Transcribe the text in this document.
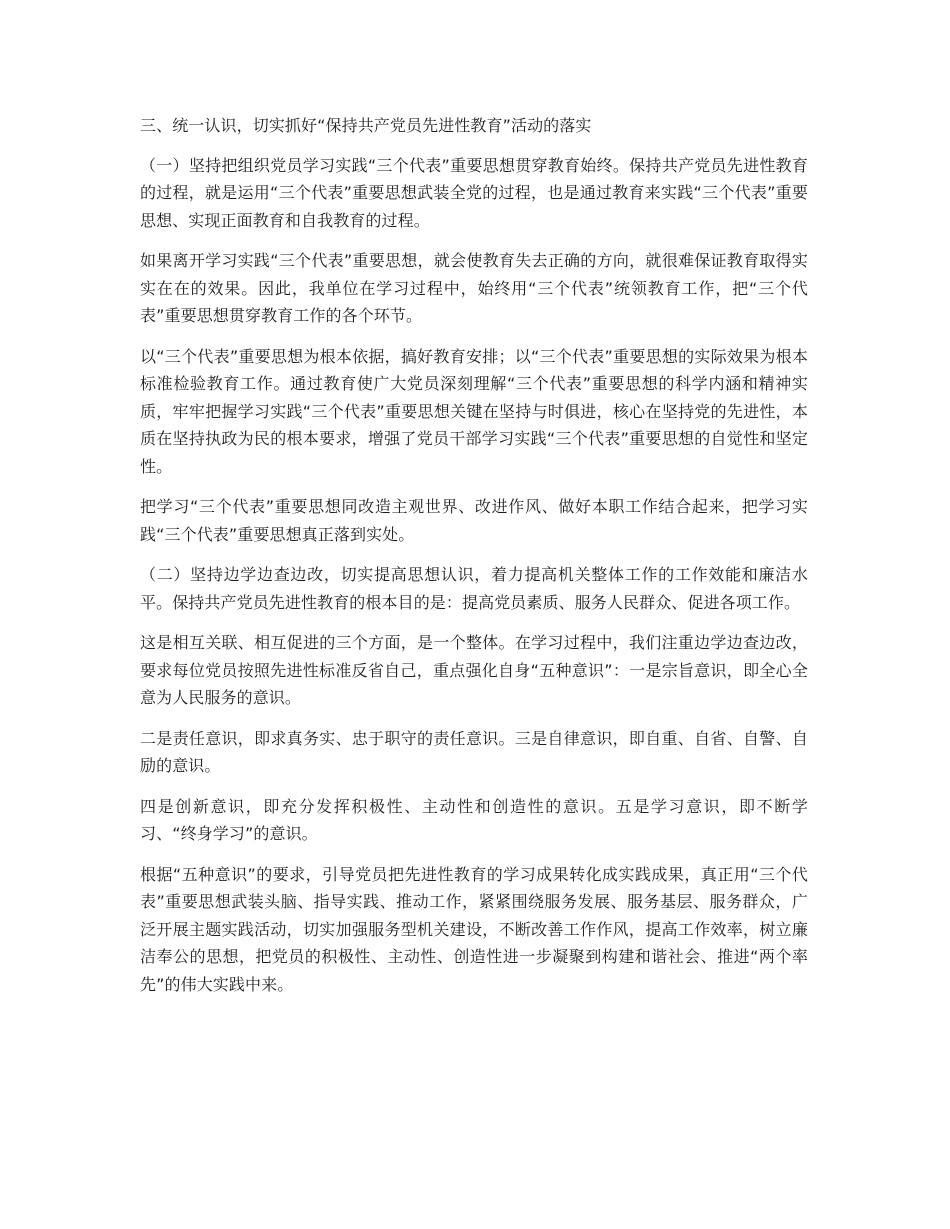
三、统一认识，切实抓好“保持共产党员先进性教育”活动的落实

（一）坚持把组织党员学习实践“三个代表”重要思想贯穿教育始终。保持共产党员先进性教育的过程，就是运用“三个代表”重要思想武装全党的过程，也是通过教育来实践“三个代表”重要思想、实现正面教育和自我教育的过程。

如果离开学习实践“三个代表”重要思想，就会使教育失去正确的方向，就很难保证教育取得实实在在的效果。因此，我单位在学习过程中，始终用“三个代表”统领教育工作，把“三个代表”重要思想贯穿教育工作的各个环节。

以“三个代表”重要思想为根本依据，搞好教育安排；以“三个代表”重要思想的实际效果为根本标准检验教育工作。通过教育使广大党员深刻理解“三个代表”重要思想的科学内涵和精神实质，牢牢把握学习实践“三个代表”重要思想关键在坚持与时俱进，核心在坚持党的先进性，本质在坚持执政为民的根本要求，增强了党员干部学习实践“三个代表”重要思想的自觉性和坚定性。

把学习“三个代表”重要思想同改造主观世界、改进作风、做好本职工作结合起来，把学习实践“三个代表”重要思想真正落到实处。

（二）坚持边学边查边改，切实提高思想认识，着力提高机关整体工作的工作效能和廉洁水平。保持共产党员先进性教育的根本目的是：提高党员素质、服务人民群众、促进各项工作。

这是相互关联、相互促进的三个方面，是一个整体。在学习过程中，我们注重边学边查边改，要求每位党员按照先进性标准反省自己，重点强化自身“五种意识”：一是宗旨意识，即全心全意为人民服务的意识。

二是责任意识，即求真务实、忠于职守的责任意识。三是自律意识，即自重、自省、自警、自励的意识。

四是创新意识，即充分发挥积极性、主动性和创造性的意识。五是学习意识，即不断学习、“终身学习”的意识。

根据“五种意识”的要求，引导党员把先进性教育的学习成果转化成实践成果，真正用“三个代表”重要思想武装头脑、指导实践、推动工作，紧紧围绕服务发展、服务基层、服务群众，广泛开展主题实践活动，切实加强服务型机关建设，不断改善工作作风，提高工作效率，树立廉洁奉公的思想，把党员的积极性、主动性、创造性进一步凝聚到构建和谐社会、推进“两个率先”的伟大实践中来。
